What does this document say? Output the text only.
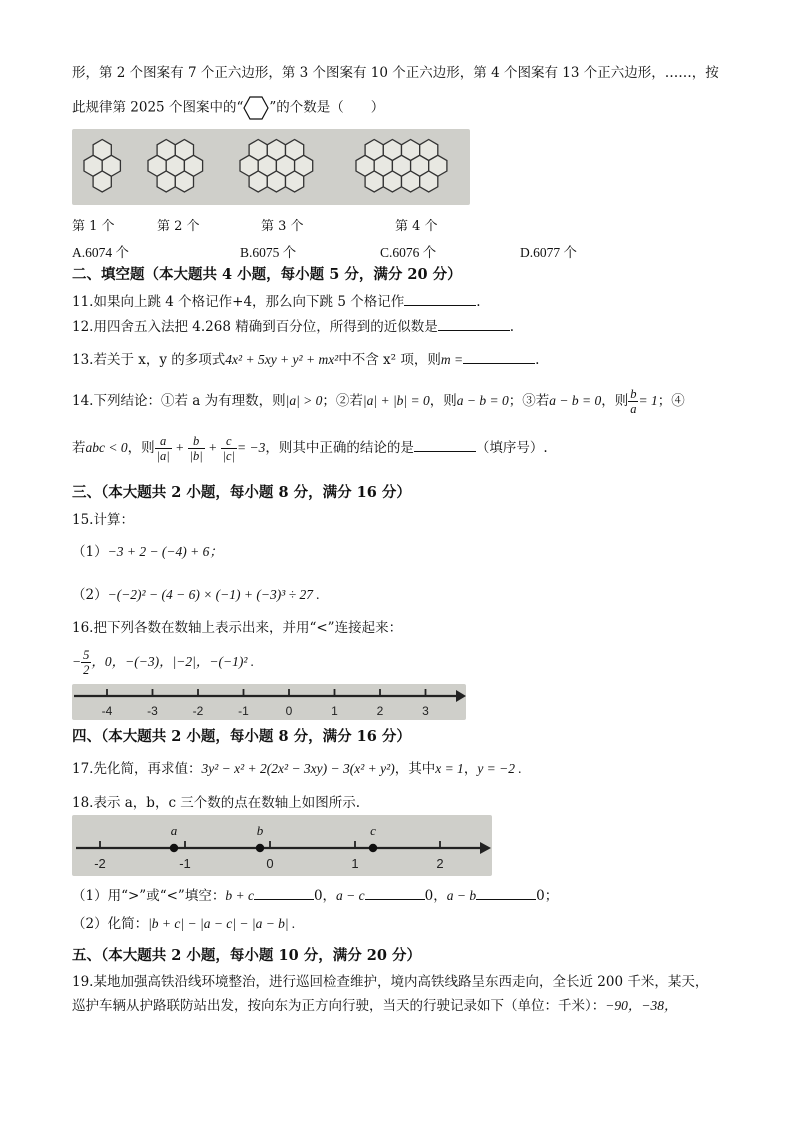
形，第 2 个图案有 7 个正六边形，第 3 个图案有 10 个正六边形，第 4 个图案有 13 个正六边形，……，按
此规律第 2025 个图案中的“ ”的个数是（　　）
第 1 个	第 2 个	第 3 个	第 4 个
A.6074 个	B.6075 个	C.6076 个	D.6077 个
二、填空题（本大题共 4 小题，每小题 5 分，满分 20 分）
11.如果向上跳 4 个格记作+4，那么向下跳 5 个格记作	.
12.用四舍五入法把 4.268 精确到百分位，所得到的近似数是	.
13.若关于 x，y 的多项式4x² + 5xy + y² + mx²中不含 x² 项，则m =	.
14.下列结论：①若 a 为有理数，则|a| > 0；②若|a| + |b| = 0，则a − b = 0；③若a − b = 0，则 $\frac{b}{a} = 1$；④
若abc < 0，则 $\frac{a}{|a|} + \frac{b}{|b|} + \frac{c}{|c|} = -3$，则其中正确的结论的是	（填序号）.
三、（本大题共 2 小题，每小题 8 分，满分 16 分）
15.计算：
（1）−3 + 2 − (−4) + 6；
（2）−(−2)² − (4 − 6) × (−1) + (−3)³ ÷ 27 .
16.把下列各数在数轴上表示出来，并用“<”连接起来：
− $\frac{5}{2}$ ，0，−(−3)，|−2|，−(−1)² .
-4	-3	-2	-1	0	1	2	3
四、（本大题共 2 小题，每小题 8 分，满分 16 分）
17.先化简，再求值：3y² − x² + 2(2x² − 3xy) − 3(x² + y²)，其中x = 1，y = −2 .
18.表示 a，b，c 三个数的点在数轴上如图所示.
-2	-1	0	1	2
a	b	c
（1）用“>”或“<”填空：b + c	0，a − c	0，a − b	0；
（2）化简：|b + c| − |a − c| − |a − b| .
五、（本大题共 2 小题，每小题 10 分，满分 20 分）
19.某地加强高铁沿线环境整治，进行巡回检查维护，境内高铁线路呈东西走向，全长近 200 千米，某天，
巡护车辆从护路联防站出发，按向东为正方向行驶，当天的行驶记录如下（单位：千米）：−90，−38，
